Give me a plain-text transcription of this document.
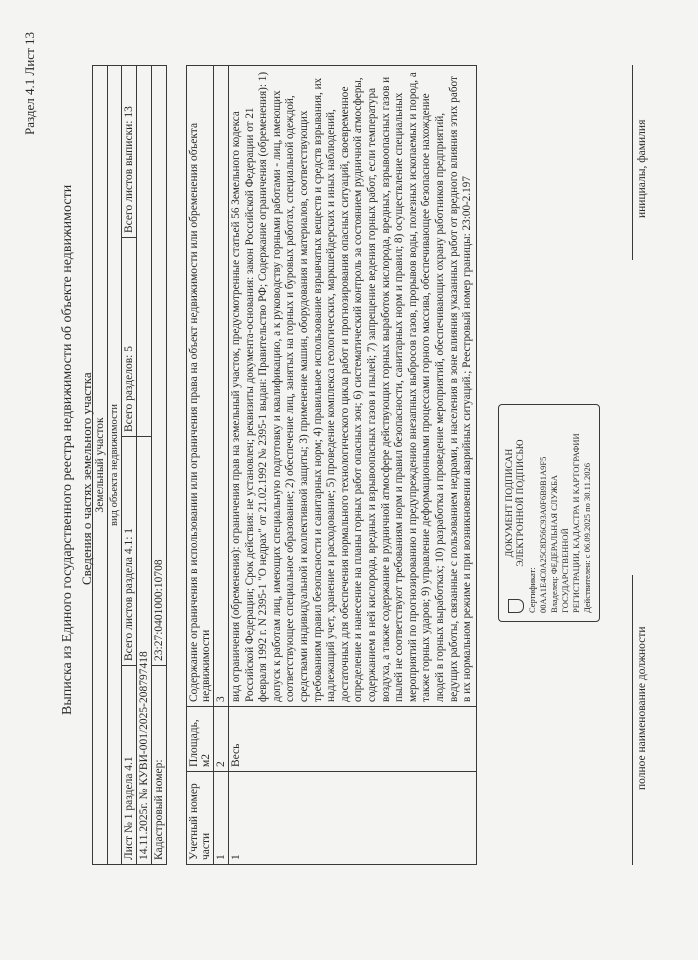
Раздел 4.1 Лист 13
Выписка из Единого государственного реестра недвижимости об объекте недвижимости Сведения о частях земельного участка Земельный участок			
вид объекта недвижимости			
Лист № 1 раздела 4.1	Всего листов раздела 4.1: 1	Всего разделов: 5	Всего листов выписки: 13
14.11.2025г. № КУВИ-001/2025-208797418			
Кадастровый номер:	23:27:0401000:10708		
Учетный номер части	Площадь, м2	Содержание ограничения в использовании или ограничения права на объект недвижимости или обременения объекта недвижимости
1	2	3
1	Весь	вид ограничения (обременения): ограничения прав на земельный участок, предусмотренные статьей 56 Земельного кодекса Российской Федерации; Срок действия: не установлен; реквизиты документа-основания: закон Российской Федерации от 21 февраля 1992 г. N 2395-1 "О недрах" от 21.02.1992 № 2395-1 выдан: Правительство РФ; Содержание ограничения (обременения): 1) допуск к работам лиц, имеющих специальную подготовку и квалификацию, а к руководству горными работами - лиц, имеющих соответствующее специальное образование; 2) обеспечение лиц, занятых на горных и буровых работах, специальной одеждой, средствами индивидуальной и коллективной защиты; 3) применение машин, оборудования и материалов, соответствующих требованиям правил безопасности и санитарных норм; 4) правильное использование взрывчатых веществ и средств взрывания, их надлежащий учет, хранение и расходование; 5) проведение комплекса геологических, маркшейдерских и иных наблюдений, достаточных для обеспечения нормального технологического цикла работ и прогнозирования опасных ситуаций, своевременное определение и нанесение на планы горных работ опасных зон; 6) систематический контроль за состоянием рудничной атмосферы, содержанием в ней кислорода, вредных и взрывоопасных газов и пылей; 7) запрещение ведения горных работ, если температура воздуха, а также содержание в рудничной атмосфере действующих горных выработок кислорода, вредных, взрывоопасных газов и пылей не соответствуют требованиям норм и правил безопасности, санитарных норм и правил; 8) осуществление специальных мероприятий по прогнозированию и предупреждению внезапных выбросов газов, прорывов воды, полезных ископаемых и пород, а также горных ударов; 9) управление деформационными процессами горного массива, обеспечивающее безопасное нахождение людей в горных выработках; 10) разработка и проведение мероприятий, обеспечивающих охрану работников предприятий, ведущих работы, связанные с пользованием недрами, и населения в зоне влияния указанных работ от вредного влияния этих работ в их нормальном режиме и при возникновении аварийных ситуаций.; Реестровый номер границы: 23:00-2.197	ДОКУМЕНТ ПОДПИСАН ЭЛЕКТРОННОЙ ПОДПИСЬЮ
Сертификат: 00AA1E4C0A25C8D56C93A0F6B9B1A9F5 Владелец: ФЕДЕРАЛЬНАЯ СЛУЖБА ГОСУДАРСТВЕННОЙ РЕГИСТРАЦИИ, КАДАСТРА И КАРТОГРАФИИ Действителен: с 06.09.2025 по 30.11.2026
полное наименование должности
инициалы, фамилия
